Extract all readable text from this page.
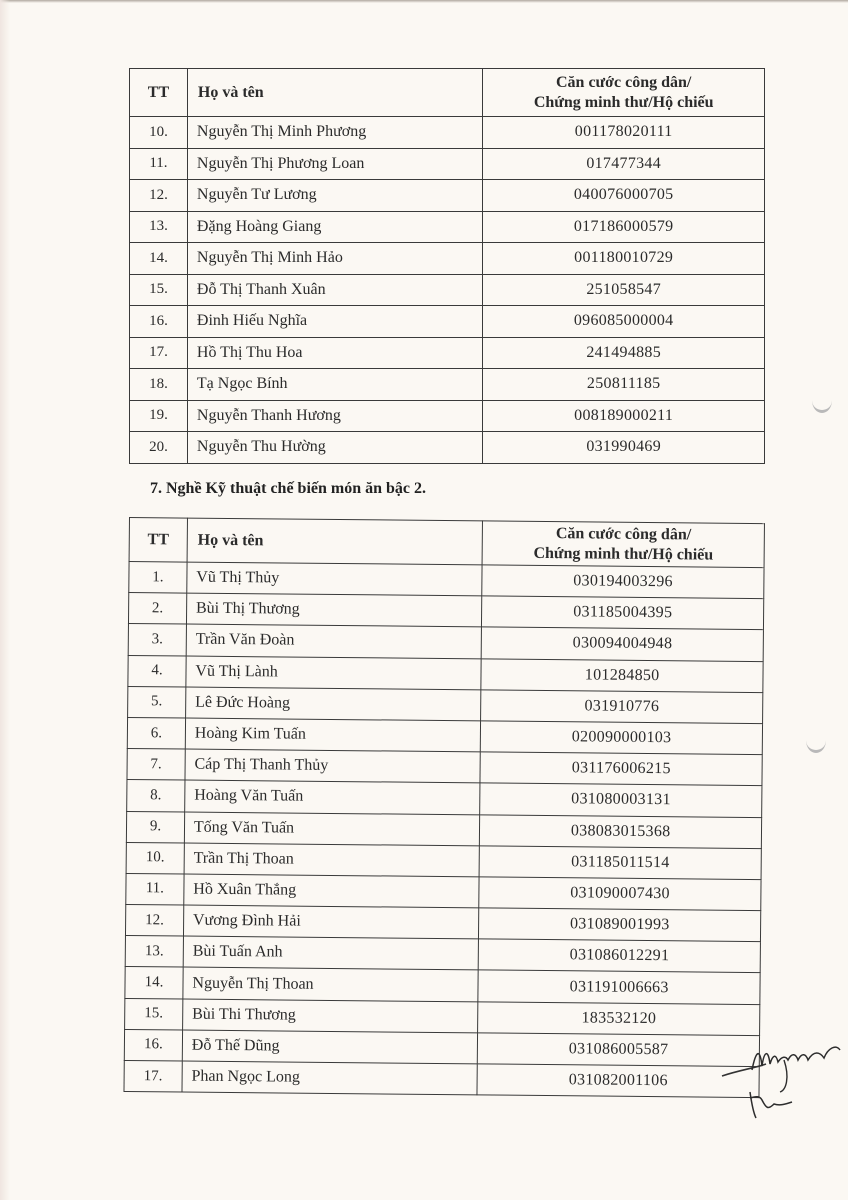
TT	Họ và tên	Căn cước công dân/
Chứng minh thư/Hộ chiếu

10.	Nguyễn Thị Minh Phương	001178020111
11.	Nguyễn Thị Phương Loan	017477344
12.	Nguyễn Tư Lương	040076000705
13.	Đặng Hoàng Giang	017186000579
14.	Nguyễn Thị Minh Hảo	001180010729
15.	Đỗ Thị Thanh Xuân	251058547
16.	Đinh Hiếu Nghĩa	096085000004
17.	Hồ Thị Thu Hoa	241494885
18.	Tạ Ngọc Bính	250811185
19.	Nguyễn Thanh Hương	008189000211
20.	Nguyễn Thu Hường	031990469
7. Nghề Kỹ thuật chế biến món ăn bậc 2.
TT	Họ và tên	Căn cước công dân/
Chứng minh thư/Hộ chiếu

1.	Vũ Thị Thủy	030194003296
2.	Bùi Thị Thương	031185004395
3.	Trần Văn Đoàn	030094004948
4.	Vũ Thị Lành	101284850
5.	Lê Đức Hoàng	031910776
6.	Hoàng Kim Tuấn	020090000103
7.	Cáp Thị Thanh Thủy	031176006215
8.	Hoàng Văn Tuấn	031080003131
9.	Tống Văn Tuấn	038083015368
10.	Trần Thị Thoan	031185011514
11.	Hồ Xuân Thắng	031090007430
12.	Vương Đình Hải	031089001993
13.	Bùi Tuấn Anh	031086012291
14.	Nguyễn Thị Thoan	031191006663
15.	Bùi Thi Thương	183532120
16.	Đỗ Thế Dũng	031086005587
17.	Phan Ngọc Long	031082001106
